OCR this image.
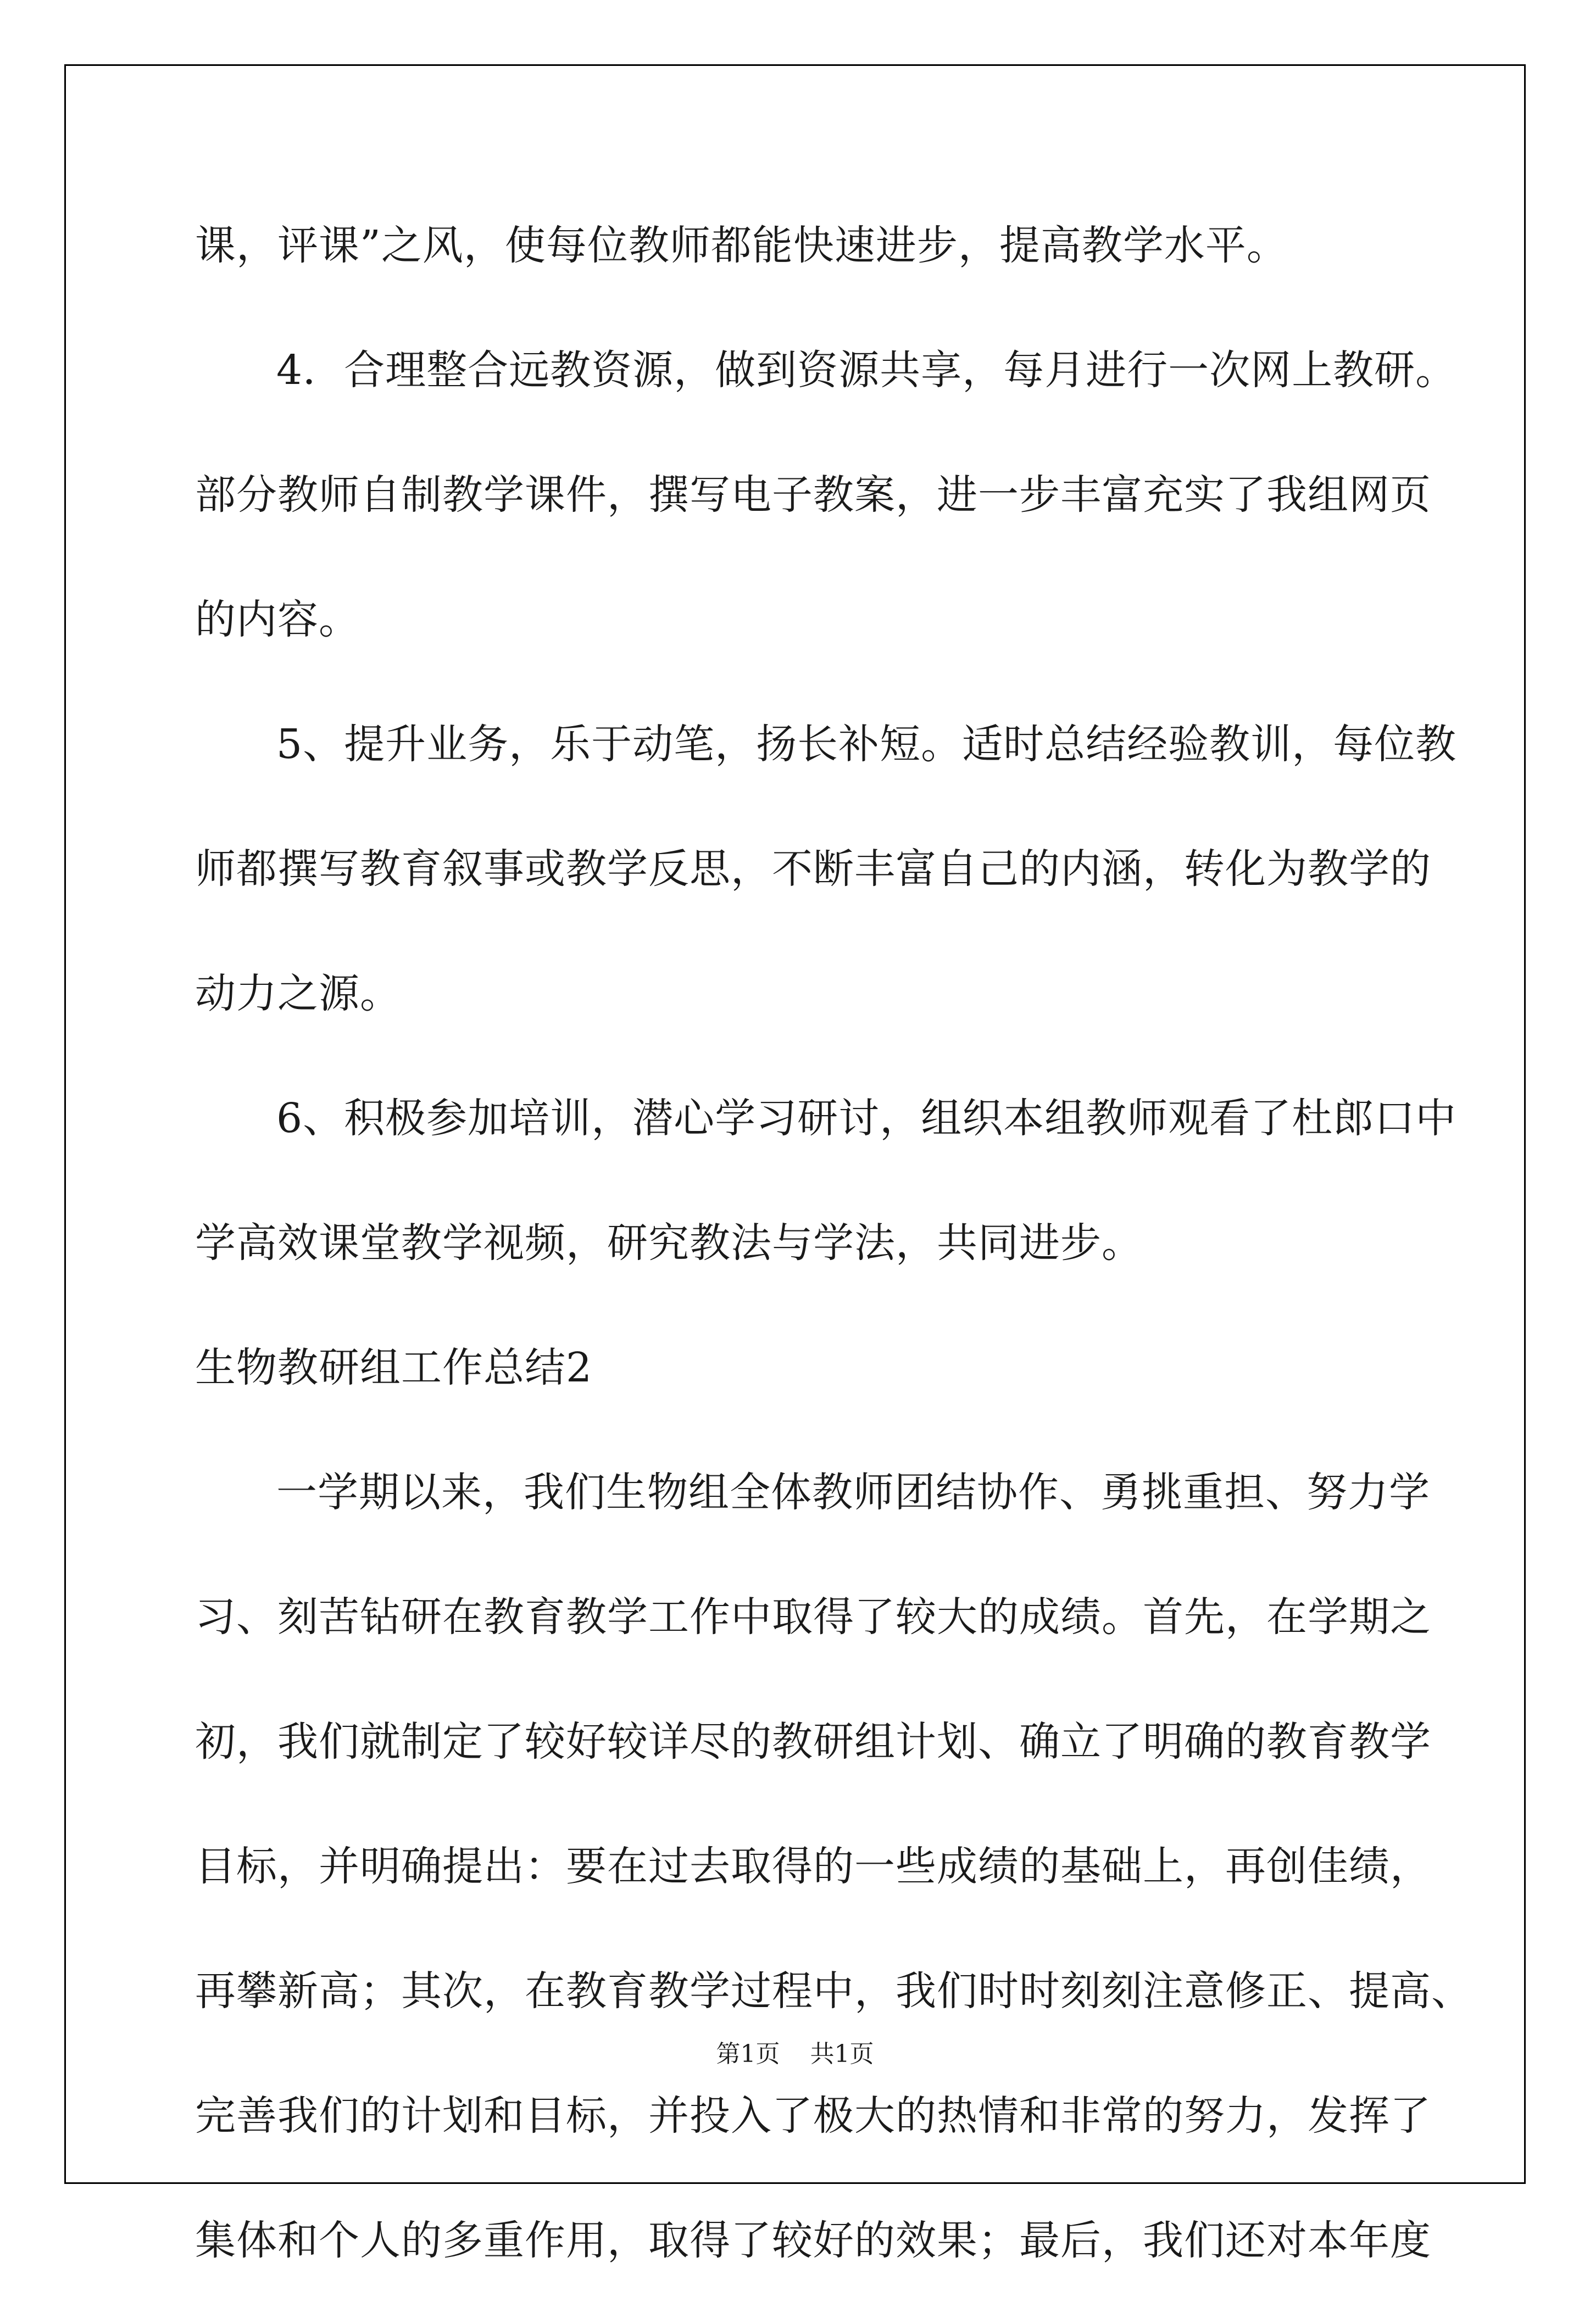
课，评课”之风，使每位教师都能快速进步，提高教学水平。
4．合理整合远教资源，做到资源共享，每月进行一次网上教研。
部分教师自制教学课件，撰写电子教案，进一步丰富充实了我组网页
的内容。
5、提升业务，乐于动笔，扬长补短。适时总结经验教训，每位教
师都撰写教育叙事或教学反思，不断丰富自己的内涵，转化为教学的
动力之源。
6、积极参加培训，潜心学习研讨，组织本组教师观看了杜郎口中
学高效课堂教学视频，研究教法与学法，共同进步。
生物教研组工作总结2
一学期以来，我们生物组全体教师团结协作、勇挑重担、努力学
习、刻苦钻研在教育教学工作中取得了较大的成绩。首先，在学期之
初，我们就制定了较好较详尽的教研组计划、确立了明确的教育教学
目标，并明确提出：要在过去取得的一些成绩的基础上，再创佳绩，
再攀新高；其次，在教育教学过程中，我们时时刻刻注意修正、提高、
完善我们的计划和目标，并投入了极大的热情和非常的努力，发挥了
集体和个人的多重作用，取得了较好的效果；最后，我们还对本年度
第1页 共1页
